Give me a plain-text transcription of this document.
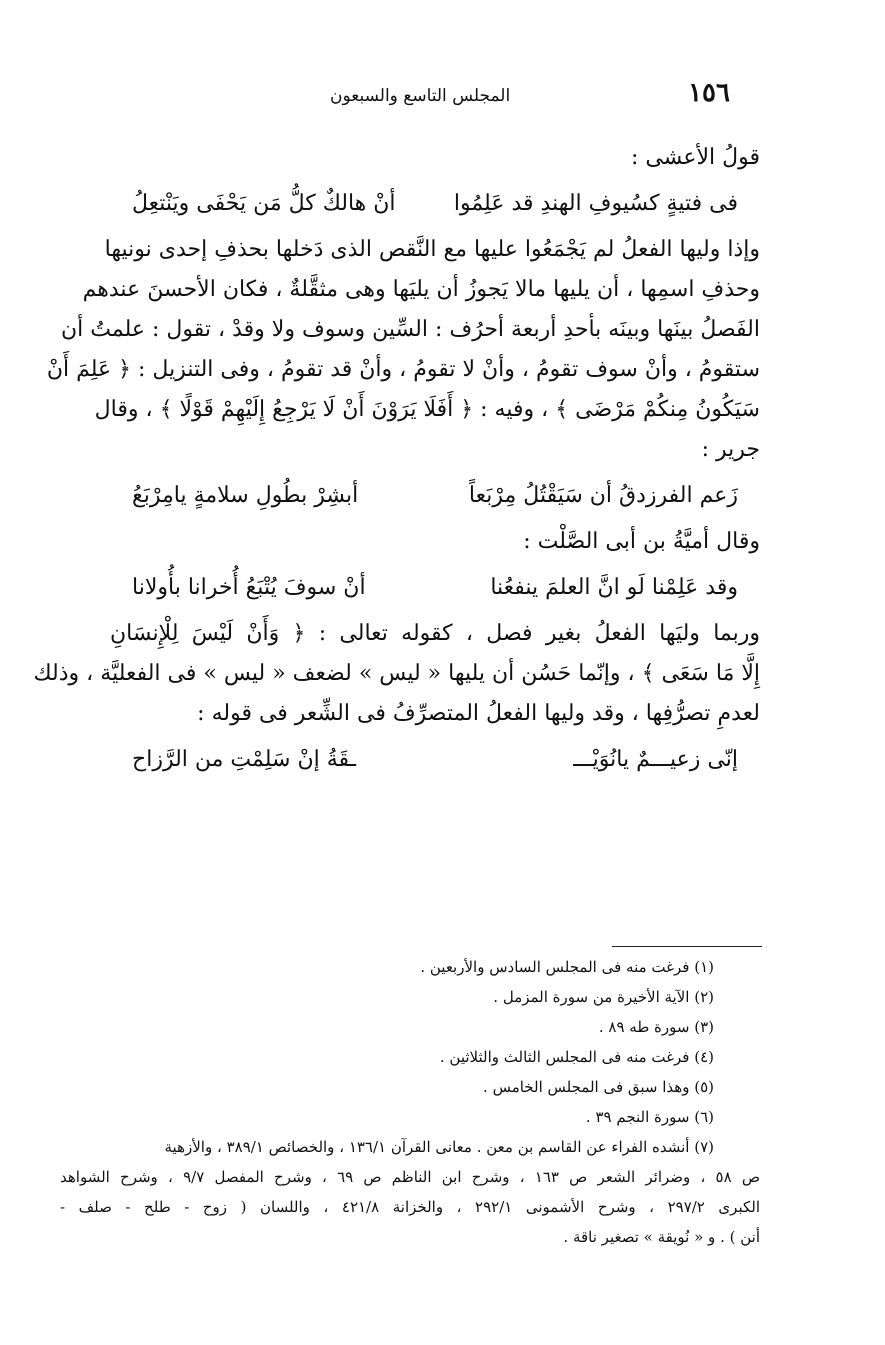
١٥٦
المجلس التاسع والسبعون
قولُ الأعشى :
فى فتيةٍ كسُيوفِ الهندِ قد عَلِمُوا
أنْ هالكٌ كلُّ مَن يَحْفَى ويَنْتعِلُ
وإذا وليها الفعلُ لم يَجْمَعُوا عليها مع النَّقص الذى دَخلها بحذفِ إحدى نونيها
وحذفِ اسمِها ، أن يليها مالا يَجوزُ أن يليَها وهى مثقَّلةٌ ، فكان الأحسنَ عندهم
الفَصلُ بينَها وبينَه بأحدِ أربعة أحرُف : السِّين وسوف ولا وقدْ ، تقول : علمتُ أن
ستقومُ ، وأنْ سوف تقومُ ، وأنْ لا تقومُ ، وأنْ قد تقومُ ، وفى التنزيل : ﴿ عَلِمَ أَنْ
سَيَكُونُ مِنكُمْ مَرْضَى ﴾ ، وفيه : ﴿ أَفَلَا يَرَوْنَ أَنْ لَا يَرْجِعُ إِلَيْهِمْ قَوْلًا ﴾ ، وقال
جرير :
زَعم الفرزدقُ أن سَيَقْتُلُ مِرْبَعاً
أبشِرْ بطُولِ سلامةٍ يامِرْبَعُ
وقال أميَّةُ بن أبى الصَّلْت :
وقد عَلِمْنا لَو انَّ العلمَ ينفعُنا
أنْ سوفَ يُتْبَعُ أُخرانا بأُولانا
وربما وليَها الفعلُ بغير فصل ، كقوله تعالى : ﴿ وَأَنْ لَيْسَ لِلْإِنسَانِ
إِلَّا مَا سَعَى ﴾ ، وإنّما حَسُن أن يليها « ليس » لضعف « ليس » فى الفعليَّة ، وذلك
لعدمِ تصرُّفِها ، وقد وليها الفعلُ المتصرِّفُ فى الشِّعر فى قوله :
إنّى زعيـــمٌ يانُوَيْـــ
ـقَةُ إنْ سَلِمْتِ من الرَّزاح
(١) فرغت منه فى المجلس السادس والأربعين .
(٢) الآية الأخيرة من سورة المزمل .
(٣) سورة طه ٨٩ .
(٤) فرغت منه فى المجلس الثالث والثلاثين .
(٥) وهذا سبق فى المجلس الخامس .
(٦) سورة النجم ٣٩ .
(٧) أنشده الفراء عن القاسم بن معن . معانى القرآن ١٣٦/١ ، والخصائص ٣٨٩/١ ، والأزهية
ص ٥٨ ، وضرائر الشعر ص ١٦٣ ، وشرح ابن الناظم ص ٦٩ ، وشرح المفصل ٩/٧ ، وشرح الشواهد
الكبرى ٢٩٧/٢ ، وشرح الأشمونى ٢٩٢/١ ، والخزانة ٤٢١/٨ ، واللسان ( زوح - طلح - صلف -
أنن ) . و « نُويقة » تصغير ناقة .
